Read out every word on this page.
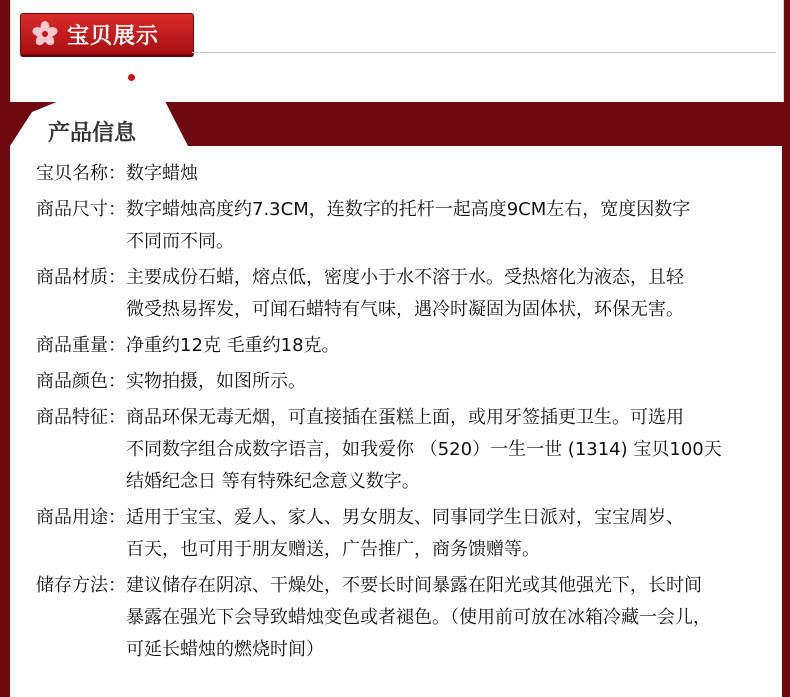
宝贝展示
产品信息
宝贝名称： 数字蜡烛
商品尺寸： 数字蜡烛高度约7.3CM，连数字的托杆一起高度9CM左右，宽度因数字
不同而不同。
商品材质： 主要成份石蜡，熔点低，密度小于水不溶于水。受热熔化为液态，且轻
微受热易挥发，可闻石蜡特有气味，遇冷时凝固为固体状，环保无害。
商品重量： 净重约12克 毛重约18克。
商品颜色： 实物拍摄，如图所示。
商品特征： 商品环保无毒无烟，可直接插在蛋糕上面，或用牙签插更卫生。可选用
不同数字组合成数字语言，如我爱你 （520）一生一世 (1314) 宝贝100天
结婚纪念日 等有特殊纪念意义数字。
商品用途： 适用于宝宝、爱人、家人、男女朋友、同事同学生日派对，宝宝周岁、
百天，也可用于朋友赠送，广告推广，商务馈赠等。
储存方法： 建议储存在阴凉、干燥处，不要长时间暴露在阳光或其他强光下，长时间
暴露在强光下会导致蜡烛变色或者褪色。（使用前可放在冰箱冷藏一会儿，
可延长蜡烛的燃烧时间）
